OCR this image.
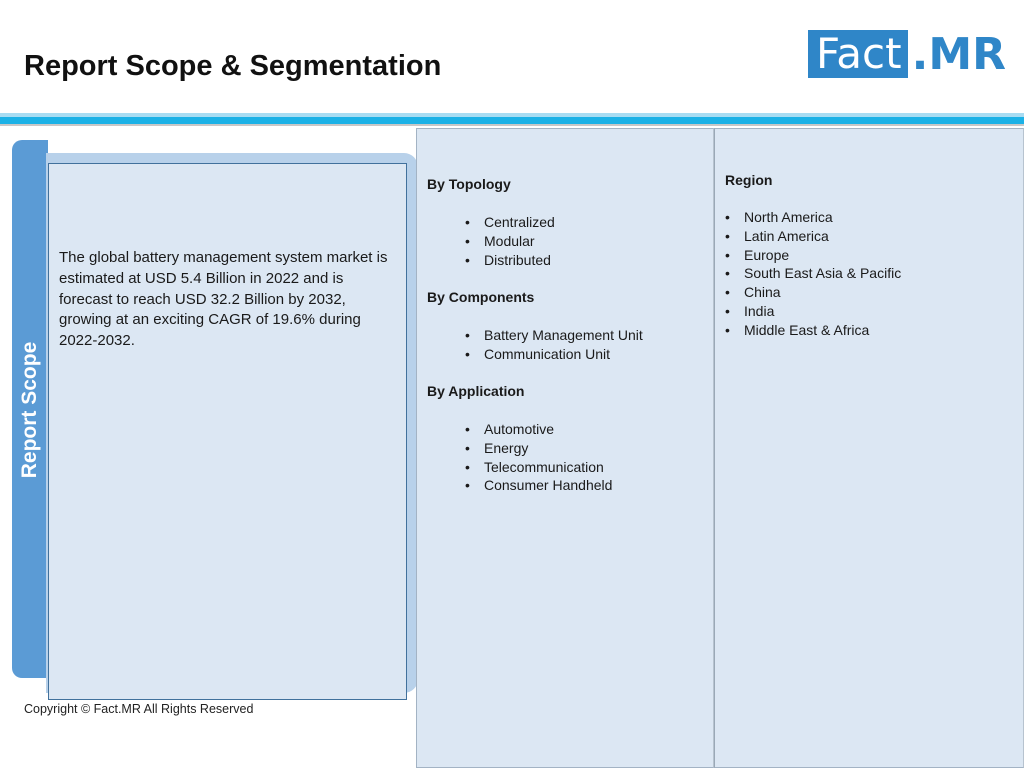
Report Scope & Segmentation	Fact .MR
Report Scope

The global battery management system market is estimated at USD 5.4 Billion in 2022 and is forecast to reach USD 32.2 Billion by 2032, growing at an exciting CAGR of 19.6% during 2022-2032.

By Topology
• Centralized
• Modular
• Distributed
By Components
• Battery Management Unit
• Communication Unit
By Application
• Automotive
• Energy
• Telecommunication
• Consumer Handheld
Region
• North America
• Latin America
• Europe
• South East Asia & Pacific
• China
• India
• Middle East & Africa
Copyright © Fact.MR All Rights Reserved
